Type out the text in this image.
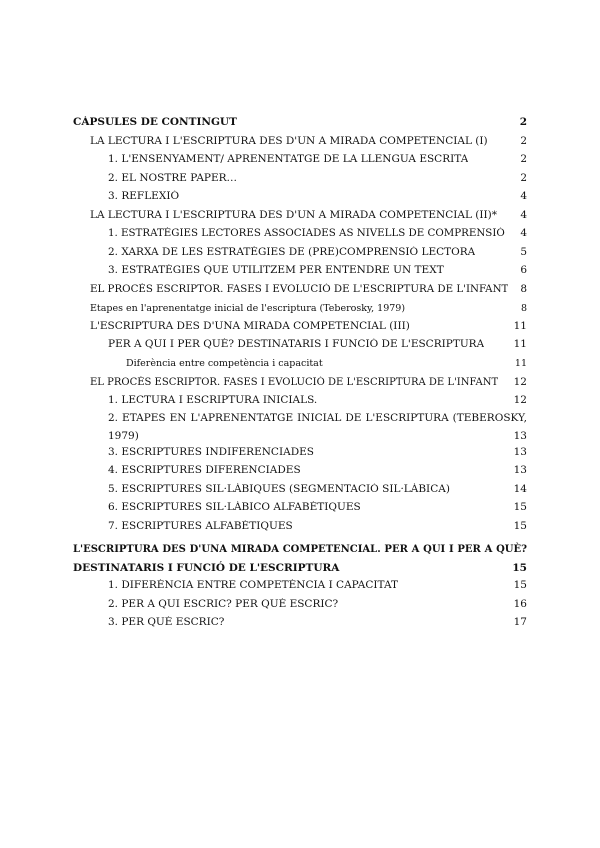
CÀPSULES DE CONTINGUT	2
LA LECTURA I L'ESCRIPTURA DES D'UN A MIRADA COMPETENCIAL (I)	2
1. L'ENSENYAMENT/ APRENENTATGE DE LA LLENGUA ESCRITA	2
2. EL NOSTRE PAPER…	2
3. REFLEXIÓ	4
LA LECTURA I L'ESCRIPTURA DES D'UN A MIRADA COMPETENCIAL (II)* 4
1. ESTRATÈGIES LECTORES ASSOCIADES AS NIVELLS DE COMPRENSIÓ 4
2. XARXA DE LES ESTRATÈGIES DE (PRE)COMPRENSIÓ LECTORA	5
3. ESTRATÈGIES QUE UTILITZEM PER ENTENDRE UN TEXT	6
EL PROCÉS ESCRIPTOR. FASES I EVOLUCIÓ DE L'ESCRIPTURA DE L'INFANT 8
Etapes en l'aprenentatge inicial de l'escriptura (Teberosky, 1979)	8
L'ESCRIPTURA DES D'UNA MIRADA COMPETENCIAL (III)	11
PER A QUI I PER QUÈ? DESTINATARIS I FUNCIÓ DE L'ESCRIPTURA	11
Diferència entre competència i capacitat	11
EL PROCÉS ESCRIPTOR. FASES I EVOLUCIÓ DE L'ESCRIPTURA DE L'INFANT 12
1. LECTURA I ESCRIPTURA INICIALS.	12
2. ETAPES EN L'APRENENTATGE INICIAL DE L'ESCRIPTURA (TEBEROSKY,
1979)	13
3. ESCRIPTURES INDIFERENCIADES	13
4. ESCRIPTURES DIFERENCIADES	13
5. ESCRIPTURES SIL·LÀBIQUES (SEGMENTACIÓ SIL·LÀBICA)	14
6. ESCRIPTURES SIL·LÀBICO ALFABÈTIQUES	15
7. ESCRIPTURES ALFABÈTIQUES	15
L'ESCRIPTURA DES D'UNA MIRADA COMPETENCIAL. PER A QUI I PER A QUÈ?
DESTINATARIS I FUNCIÓ DE L'ESCRIPTURA	15
1. DIFERÈNCIA ENTRE COMPETÈNCIA I CAPACITAT	15
2. PER A QUI ESCRIC? PER QUÈ ESCRIC?	16
3. PER QUÈ ESCRIC?	17
